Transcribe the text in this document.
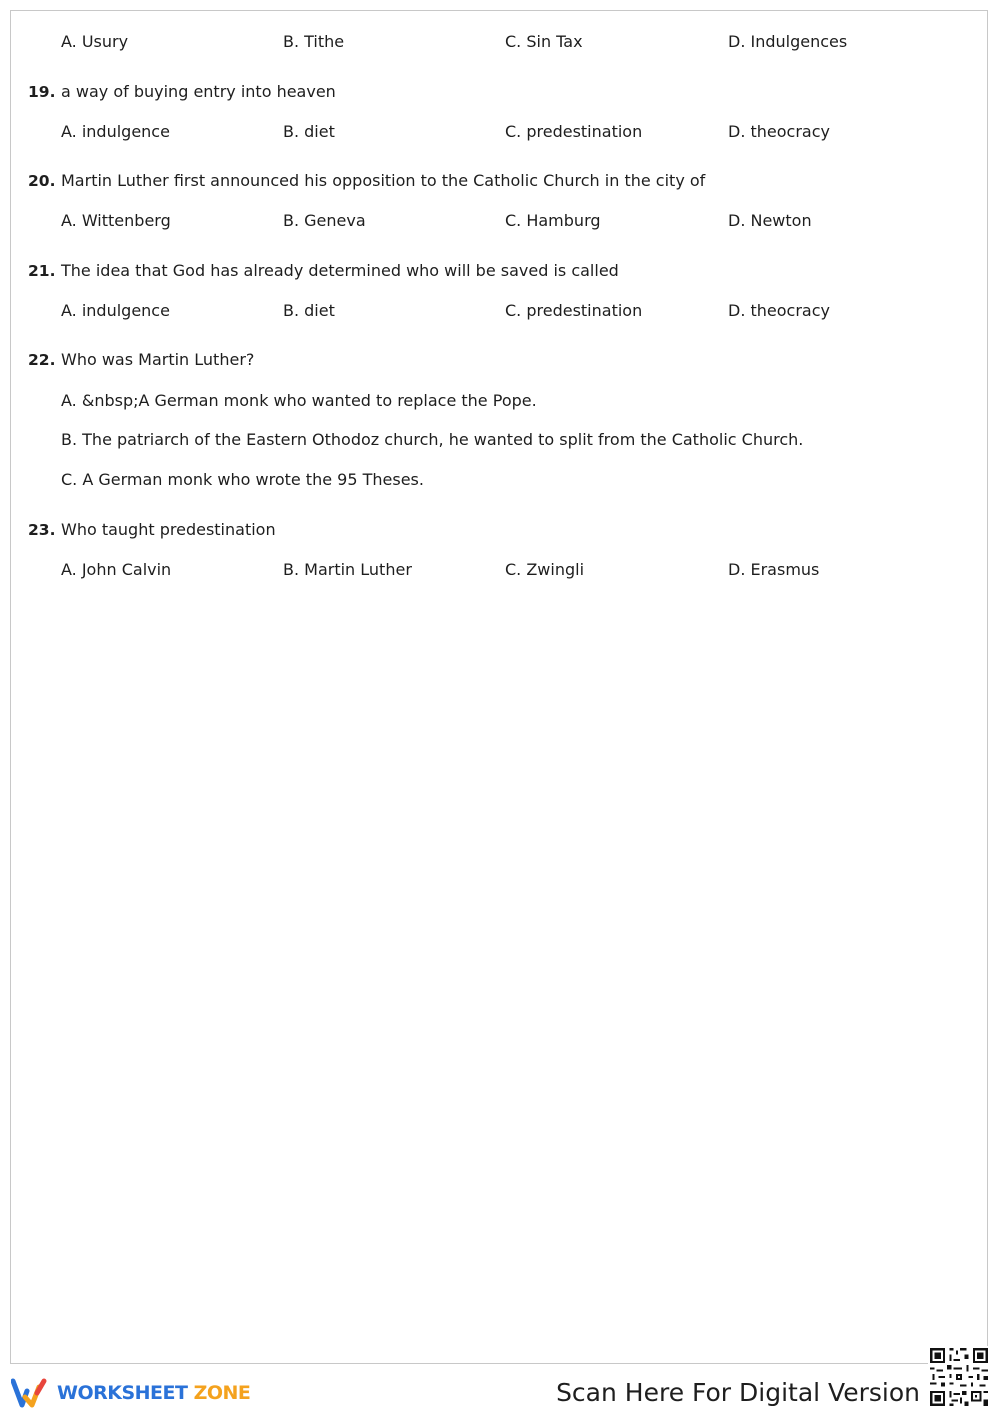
A. Usury	B. Tithe	C. Sin Tax	D. Indulgences
19. a way of buying entry into heaven
A. indulgence	B. diet	C. predestination	D. theocracy
20. Martin Luther first announced his opposition to the Catholic Church in the city of
A. Wittenberg	B. Geneva	C. Hamburg	D. Newton
21. The idea that God has already determined who will be saved is called
A. indulgence	B. diet	C. predestination	D. theocracy
22. Who was Martin Luther?
A. &nbsp;A German monk who wanted to replace the Pope.
B. The patriarch of the Eastern Othodoz church, he wanted to split from the Catholic Church.
C. A German monk who wrote the 95 Theses.
23. Who taught predestination
A. John Calvin	B. Martin Luther	C. Zwingli	D. Erasmus
WORKSHEET ZONE	Scan Here For Digital Version
